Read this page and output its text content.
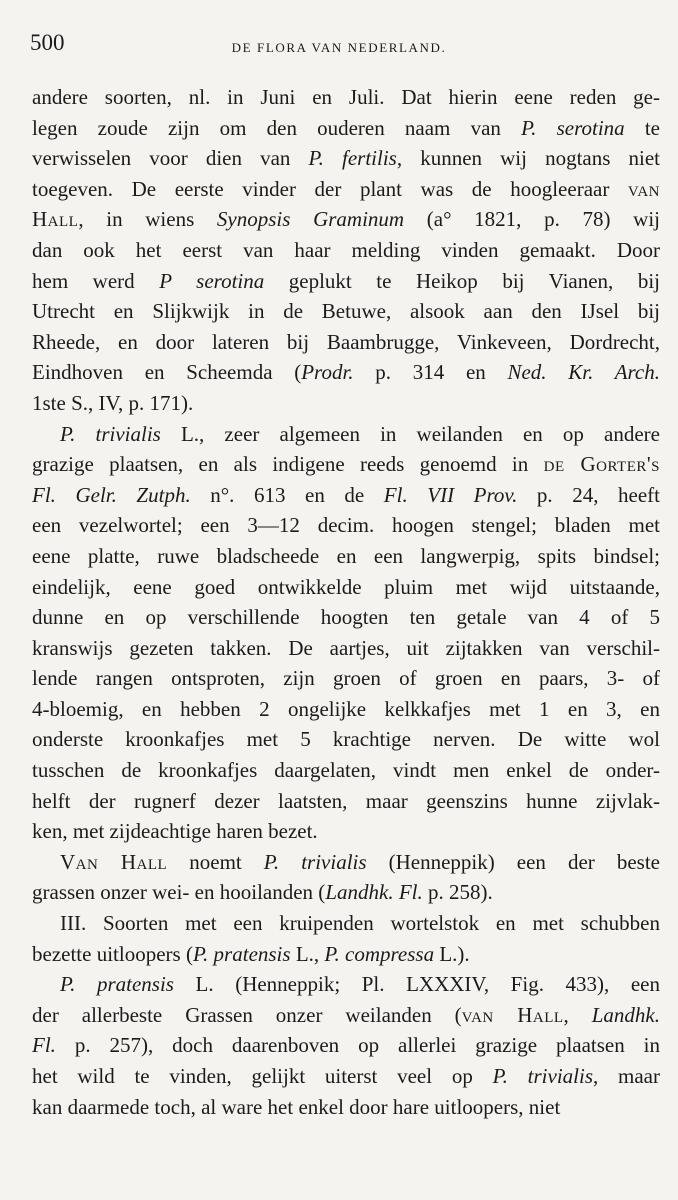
500	DE FLORA VAN NEDERLAND.
andere soorten, nl. in Juni en Juli. Dat hierin eene reden ge-
legen zoude zijn om den ouderen naam van P. serotina te
verwisselen voor dien van P. fertilis, kunnen wij nogtans niet
toegeven. De eerste vinder der plant was de hoogleeraar van
Hall, in wiens Synopsis Graminum (a° 1821, p. 78) wij
dan ook het eerst van haar melding vinden gemaakt. Door
hem werd P serotina geplukt te Heikop bij Vianen, bij
Utrecht en Slijkwijk in de Betuwe, alsook aan den IJsel bij
Rheede, en door lateren bij Baambrugge, Vinkeveen, Dordrecht,
Eindhoven en Scheemda (Prodr. p. 314 en Ned. Kr. Arch.
1ste S., IV, p. 171).
P. trivialis L., zeer algemeen in weilanden en op andere
grazige plaatsen, en als indigene reeds genoemd in de Gorter's
Fl. Gelr. Zutph. n°. 613 en de Fl. VII Prov. p. 24, heeft
een vezelwortel; een 3—12 decim. hoogen stengel; bladen met
eene platte, ruwe bladscheede en een langwerpig, spits bindsel;
eindelijk, eene goed ontwikkelde pluim met wijd uitstaande,
dunne en op verschillende hoogten ten getale van 4 of 5
kranswijs gezeten takken. De aartjes, uit zijtakken van verschil-
lende rangen ontsproten, zijn groen of groen en paars, 3- of
4-bloemig, en hebben 2 ongelijke kelkkafjes met 1 en 3, en
onderste kroonkafjes met 5 krachtige nerven. De witte wol
tusschen de kroonkafjes daargelaten, vindt men enkel de onder-
helft der rugnerf dezer laatsten, maar geenszins hunne zijvlak-
ken, met zijdeachtige haren bezet.
Van Hall noemt P. trivialis (Henneppik) een der beste
grassen onzer wei- en hooilanden (Landhk. Fl. p. 258).
III. Soorten met een kruipenden wortelstok en met schubben
bezette uitloopers (P. pratensis L., P. compressa L.).
P. pratensis L. (Henneppik; Pl. LXXXIV, Fig. 433), een
der allerbeste Grassen onzer weilanden (van Hall, Landhk.
Fl. p. 257), doch daarenboven op allerlei grazige plaatsen in
het wild te vinden, gelijkt uiterst veel op P. trivialis, maar
kan daarmede toch, al ware het enkel door hare uitloopers, niet
